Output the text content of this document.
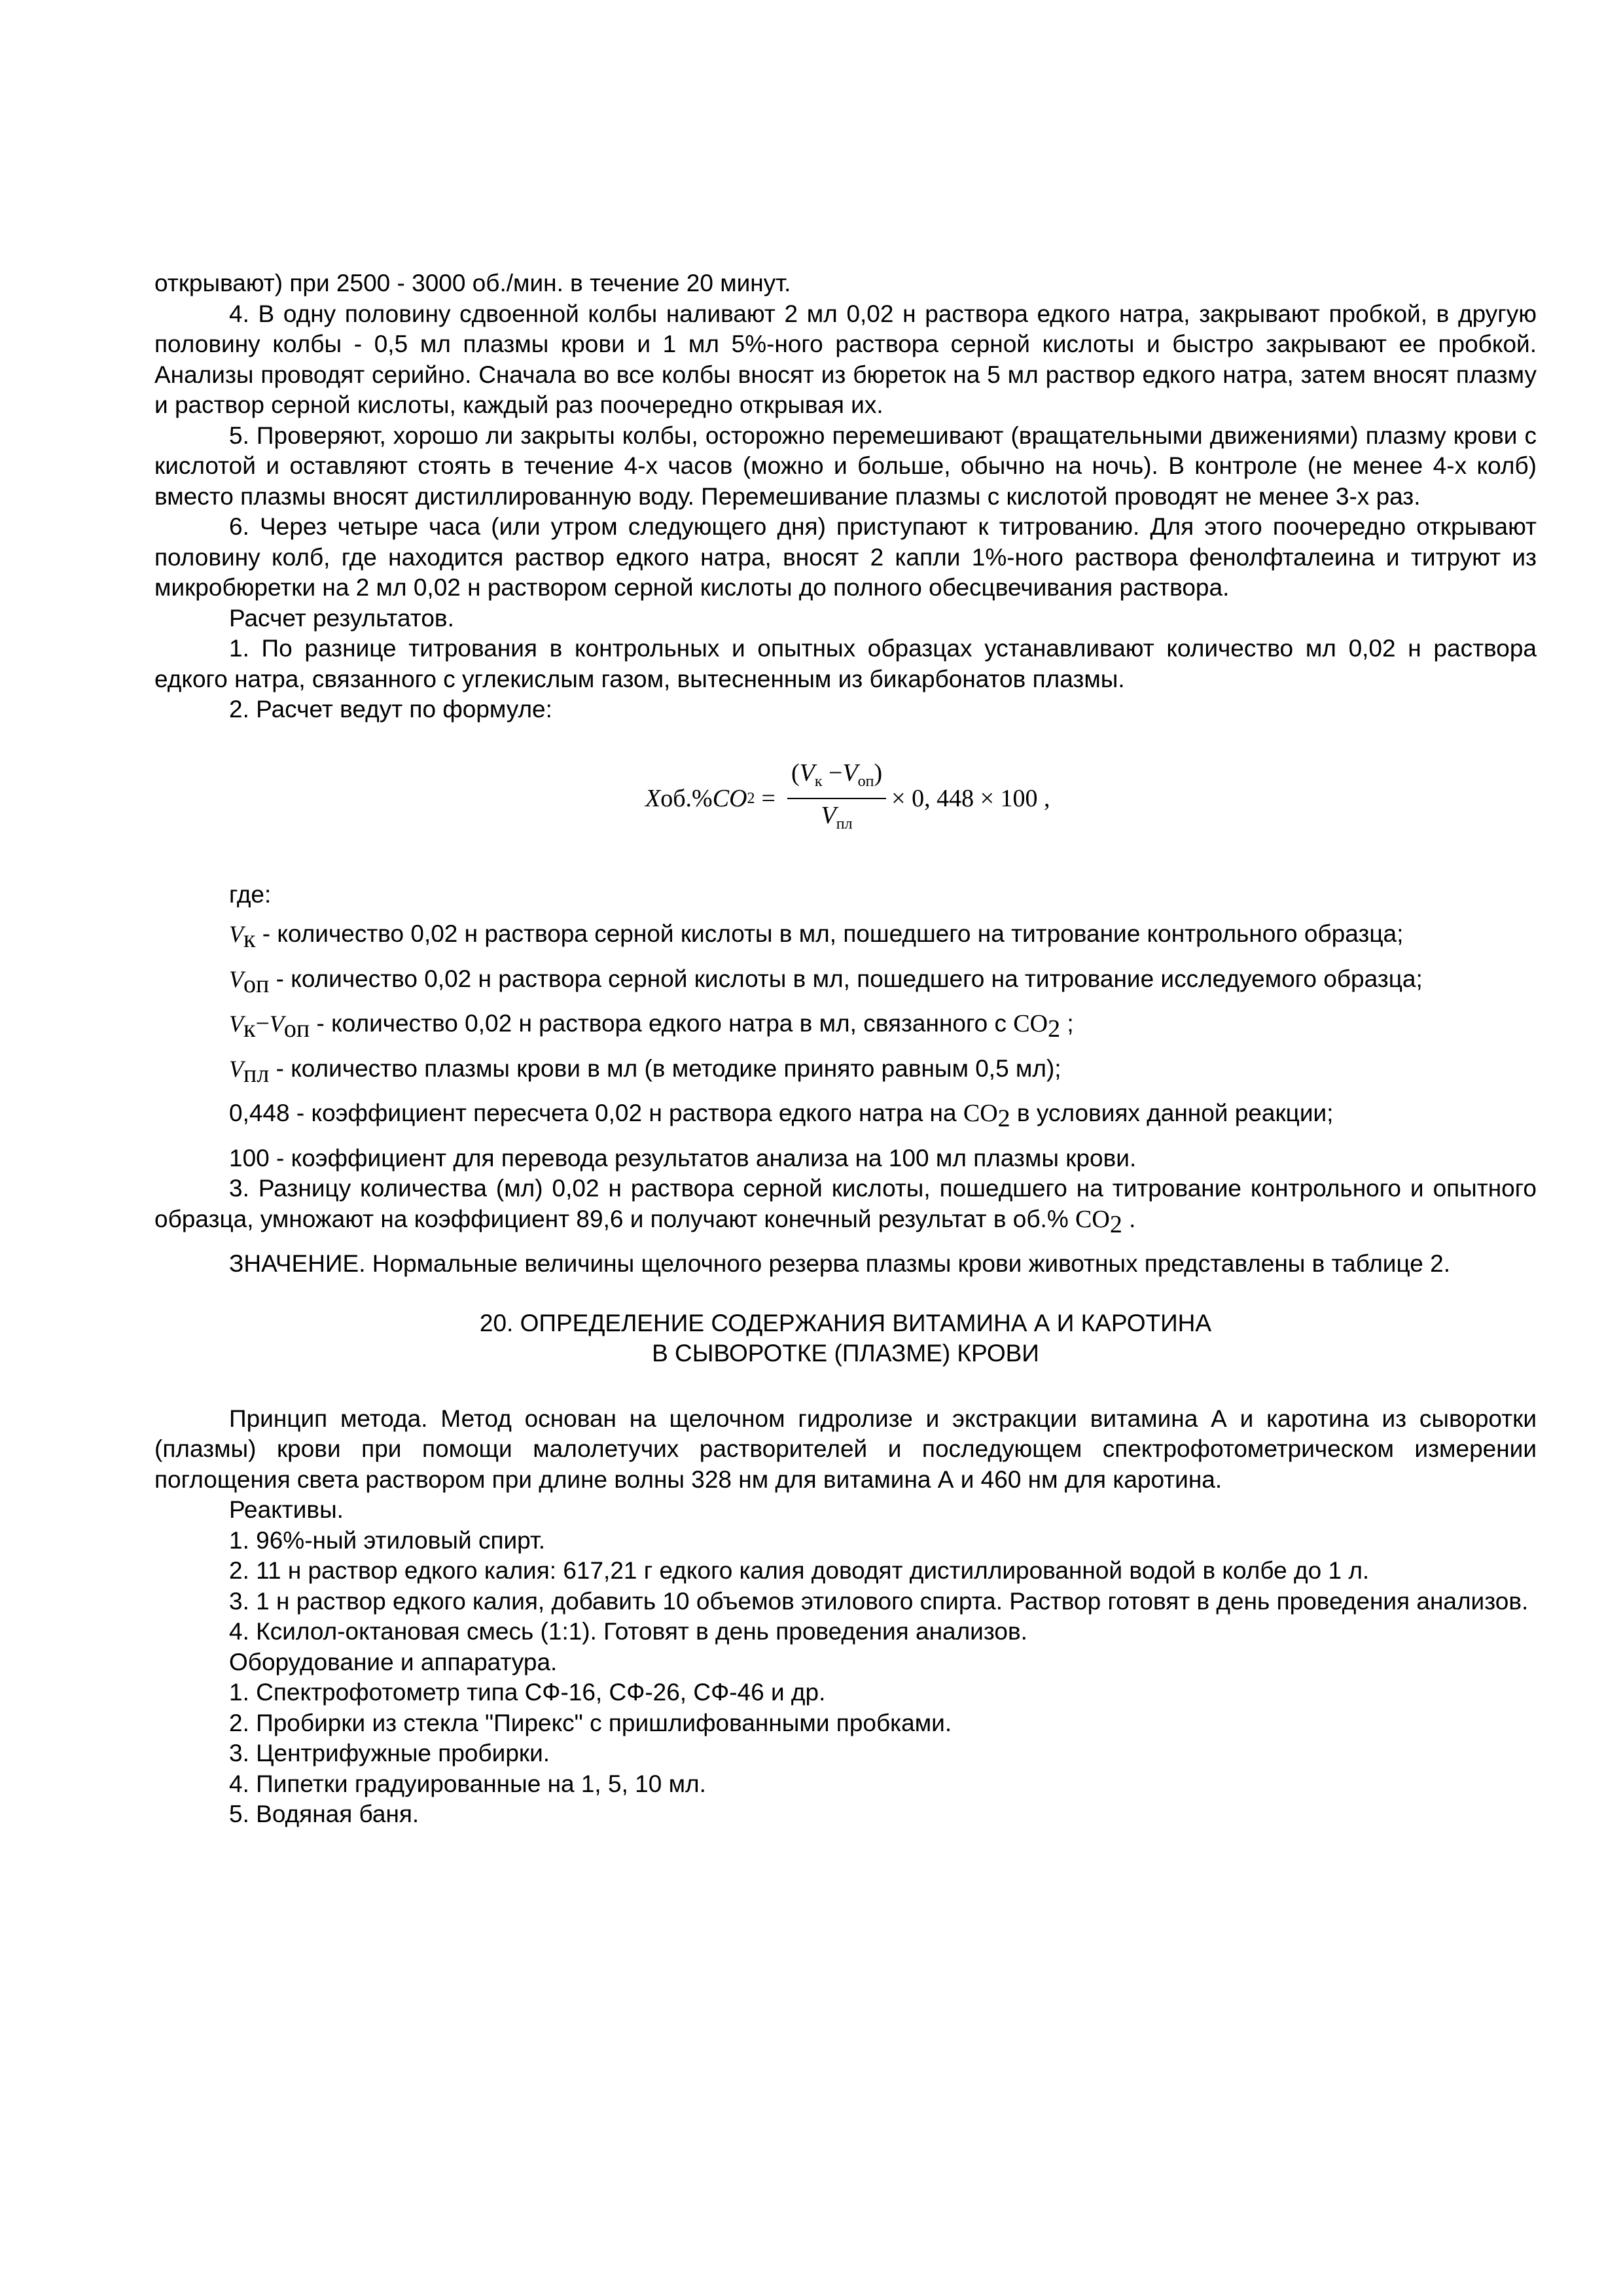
открывают) при 2500 - 3000 об./мин. в течение 20 минут.

4. В одну половину сдвоенной колбы наливают 2 мл 0,02 н раствора едкого натра, закрывают пробкой, в другую половину колбы - 0,5 мл плазмы крови и 1 мл 5%-ного раствора серной кислоты и быстро закрывают ее пробкой. Анализы проводят серийно. Сначала во все колбы вносят из бюреток на 5 мл раствор едкого натра, затем вносят плазму и раствор серной кислоты, каждый раз поочередно открывая их.

5. Проверяют, хорошо ли закрыты колбы, осторожно перемешивают (вращательными движениями) плазму крови с кислотой и оставляют стоять в течение 4-х часов (можно и больше, обычно на ночь). В контроле (не менее 4-х колб) вместо плазмы вносят дистиллированную воду. Перемешивание плазмы с кислотой проводят не менее 3-х раз.

6. Через четыре часа (или утром следующего дня) приступают к титрованию. Для этого поочередно открывают половину колб, где находится раствор едкого натра, вносят 2 капли 1%-ного раствора фенолфталеина и титруют из микробюретки на 2 мл 0,02 н раствором серной кислоты до полного обесцвечивания раствора.

Расчет результатов.

1. По разнице титрования в контрольных и опытных образцах устанавливают количество мл 0,02 н раствора едкого натра, связанного с углекислым газом, вытесненным из бикарбонатов плазмы.

2. Расчет ведут по формуле:

X об.% CO $2 = \frac{(V_к -V_{оп})}{V_{пл}} \times 0$, 448 × 100 ,

где:

Vк - количество 0,02 н раствора серной кислоты в мл, пошедшего на титрование контрольного образца;

Vоп - количество 0,02 н раствора серной кислоты в мл, пошедшего на титрование исследуемого образца;

Vк−Vоп - количество 0,02 н раствора едкого натра в мл, связанного с CO2 ;

Vпл - количество плазмы крови в мл (в методике принято равным 0,5 мл);

0,448 - коэффициент пересчета 0,02 н раствора едкого натра на CO2 в условиях данной реакции;

100 - коэффициент для перевода результатов анализа на 100 мл плазмы крови.

3. Разницу количества (мл) 0,02 н раствора серной кислоты, пошедшего на титрование контрольного и опытного образца, умножают на коэффициент 89,6 и получают конечный результат в об.% CO2 .

ЗНАЧЕНИЕ. Нормальные величины щелочного резерва плазмы крови животных представлены в таблице 2.

20. ОПРЕДЕЛЕНИЕ СОДЕРЖАНИЯ ВИТАМИНА А И КАРОТИНА

В СЫВОРОТКЕ (ПЛАЗМЕ) КРОВИ

Принцип метода. Метод основан на щелочном гидролизе и экстракции витамина А и каротина из сыворотки (плазмы) крови при помощи малолетучих растворителей и последующем спектрофотометрическом измерении поглощения света раствором при длине волны 328 нм для витамина А и 460 нм для каротина.

Реактивы.

1. 96%-ный этиловый спирт.

2. 11 н раствор едкого калия: 617,21 г едкого калия доводят дистиллированной водой в колбе до 1 л.

3. 1 н раствор едкого калия, добавить 10 объемов этилового спирта. Раствор готовят в день проведения анализов.

4. Ксилол-октановая смесь (1:1). Готовят в день проведения анализов.

Оборудование и аппаратура.

1. Спектрофотометр типа СФ-16, СФ-26, СФ-46 и др.

2. Пробирки из стекла "Пирекс" с пришлифованными пробками.

3. Центрифужные пробирки.

4. Пипетки градуированные на 1, 5, 10 мл.

5. Водяная баня.
